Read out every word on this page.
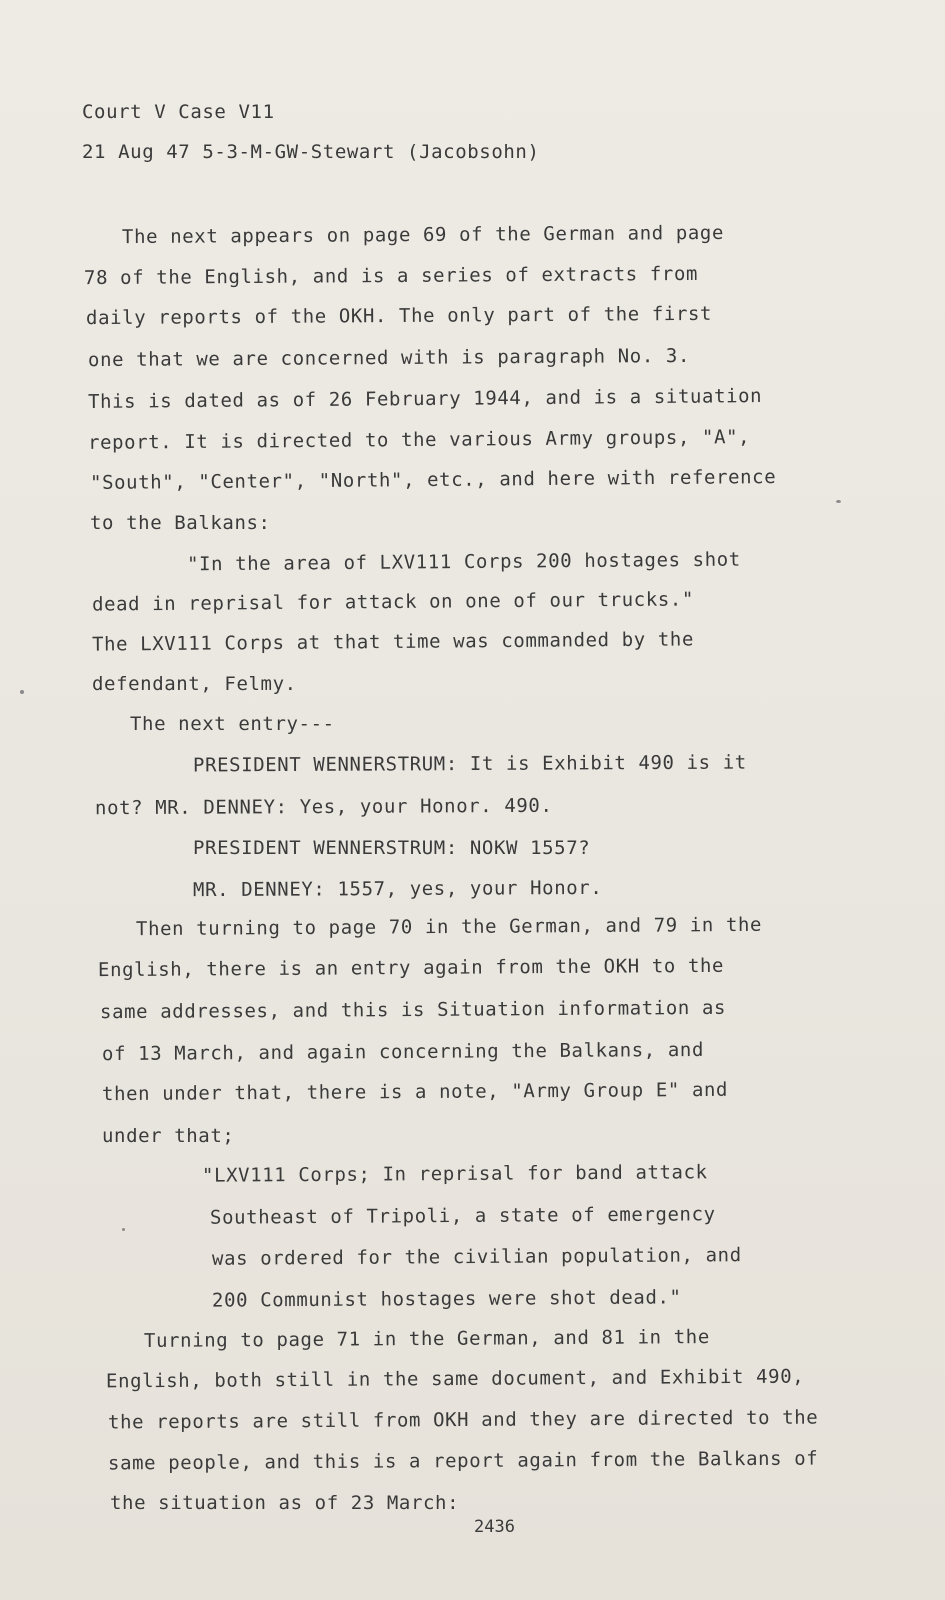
Court V Case V11
21 Aug 47 5-3-M-GW-Stewart (Jacobsohn)
The next appears on page 69 of the German and page
78 of the English, and is a series of extracts from
daily reports of the OKH. The only part of the first
one that we are concerned with is paragraph No. 3.
This is dated as of 26 February 1944, and is a situation
report. It is directed to the various Army groups, "A",
"South", "Center", "North", etc., and here with reference
to the Balkans:
"In the area of LXV111 Corps 200 hostages shot
dead in reprisal for attack on one of our trucks."
The LXV111 Corps at that time was commanded by the
defendant, Felmy.
The next entry---
PRESIDENT WENNERSTRUM: It is Exhibit 490 is it
not? MR. DENNEY: Yes, your Honor. 490.
PRESIDENT WENNERSTRUM: NOKW 1557?
MR. DENNEY: 1557, yes, your Honor.
Then turning to page 70 in the German, and 79 in the
English, there is an entry again from the OKH to the
same addresses, and this is Situation information as
of 13 March, and again concerning the Balkans, and
then under that, there is a note, "Army Group E" and
under that;
"LXV111 Corps; In reprisal for band attack
Southeast of Tripoli, a state of emergency
was ordered for the civilian population, and
200 Communist hostages were shot dead."
Turning to page 71 in the German, and 81 in the
English, both still in the same document, and Exhibit 490,
the reports are still from OKH and they are directed to the
same people, and this is a report again from the Balkans of
the situation as of 23 March:
2436
